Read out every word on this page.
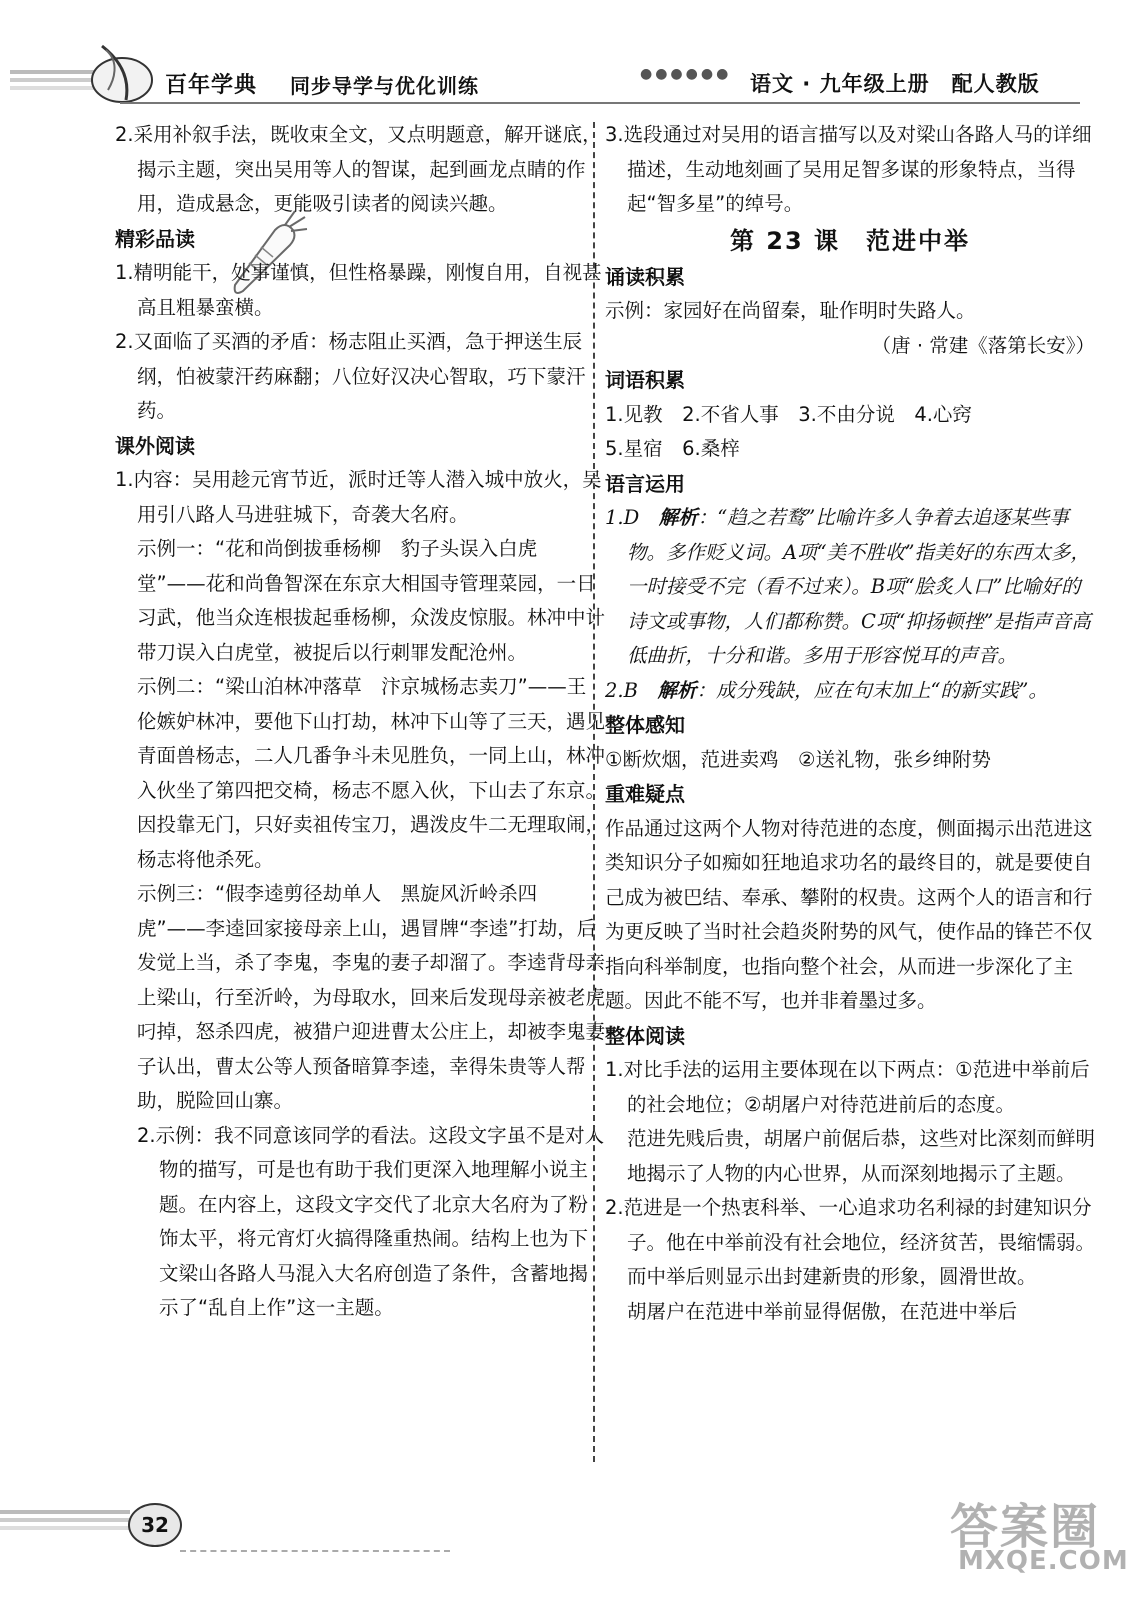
百年学典 同步导学与优化训练	●●●●●● 语文 · 九年级上册　配人教版

2.采用补叙手法，既收束全文，又点明题意，解开谜底，揭示主题，突出吴用等人的智谋，起到画龙点睛的作用，造成悬念，更能吸引读者的阅读兴趣。

精彩品读

1.精明能干，处事谨慎，但性格暴躁，刚愎自用，自视甚高且粗暴蛮横。

2.又面临了买酒的矛盾：杨志阻止买酒，急于押送生辰纲，怕被蒙汗药麻翻；八位好汉决心智取，巧下蒙汗药。

课外阅读

1.内容：吴用趁元宵节近，派时迁等人潜入城中放火，吴用引八路人马进驻城下，奇袭大名府。

示例一：“花和尚倒拔垂杨柳　豹子头误入白虎堂”——花和尚鲁智深在东京大相国寺管理菜园，一日习武，他当众连根拔起垂杨柳，众泼皮惊服。林冲中计带刀误入白虎堂，被捉后以行刺罪发配沧州。

示例二：“梁山泊林冲落草　汴京城杨志卖刀”——王伦嫉妒林冲，要他下山打劫，林冲下山等了三天，遇见青面兽杨志，二人几番争斗未见胜负，一同上山，林冲入伙坐了第四把交椅，杨志不愿入伙，下山去了东京。因投靠无门，只好卖祖传宝刀，遇泼皮牛二无理取闹，杨志将他杀死。

示例三：“假李逵剪径劫单人　黑旋风沂岭杀四虎”——李逵回家接母亲上山，遇冒牌“李逵”打劫，后发觉上当，杀了李鬼，李鬼的妻子却溜了。李逵背母亲上梁山，行至沂岭，为母取水，回来后发现母亲被老虎叼掉，怒杀四虎，被猎户迎进曹太公庄上，却被李鬼妻子认出，曹太公等人预备暗算李逵，幸得朱贵等人帮助，脱险回山寨。

2.示例：我不同意该同学的看法。这段文字虽不是对人物的描写，可是也有助于我们更深入地理解小说主题。在内容上，这段文字交代了北京大名府为了粉饰太平，将元宵灯火搞得隆重热闹。结构上也为下文梁山各路人马混入大名府创造了条件，含蓄地揭示了“乱自上作”这一主题。

3.选段通过对吴用的语言描写以及对梁山各路人马的详细描述，生动地刻画了吴用足智多谋的形象特点，当得起“智多星”的绰号。

第 23 课　范进中举

诵读积累

示例：家园好在尚留秦，耻作明时失路人。

（唐 · 常建《落第长安》）

词语积累

1.见教　2.不省人事　3.不由分说　4.心窍

5.星宿　6.桑梓

语言运用

1.D　解析：“趋之若鹜”比喻许多人争着去追逐某些事物。多作贬义词。A项“美不胜收”指美好的东西太多，一时接受不完（看不过来）。B项“脍炙人口”比喻好的诗文或事物，人们都称赞。C项“抑扬顿挫”是指声音高低曲折，十分和谐。多用于形容悦耳的声音。

2.B　解析：成分残缺，应在句末加上“的新实践”。

整体感知

①断炊烟，范进卖鸡　②送礼物，张乡绅附势

重难疑点

作品通过这两个人物对待范进的态度，侧面揭示出范进这类知识分子如痴如狂地追求功名的最终目的，就是要使自己成为被巴结、奉承、攀附的权贵。这两个人的语言和行为更反映了当时社会趋炎附势的风气，使作品的锋芒不仅指向科举制度，也指向整个社会，从而进一步深化了主题。因此不能不写，也并非着墨过多。

整体阅读

1.对比手法的运用主要体现在以下两点：①范进中举前后的社会地位；②胡屠户对待范进前后的态度。

范进先贱后贵，胡屠户前倨后恭，这些对比深刻而鲜明地揭示了人物的内心世界，从而深刻地揭示了主题。

2.范进是一个热衷科举、一心追求功名利禄的封建知识分子。他在中举前没有社会地位，经济贫苦，畏缩懦弱。而中举后则显示出封建新贵的形象，圆滑世故。

胡屠户在范进中举前显得倨傲，在范进中举后

32	答案圈
MXQE.COM
